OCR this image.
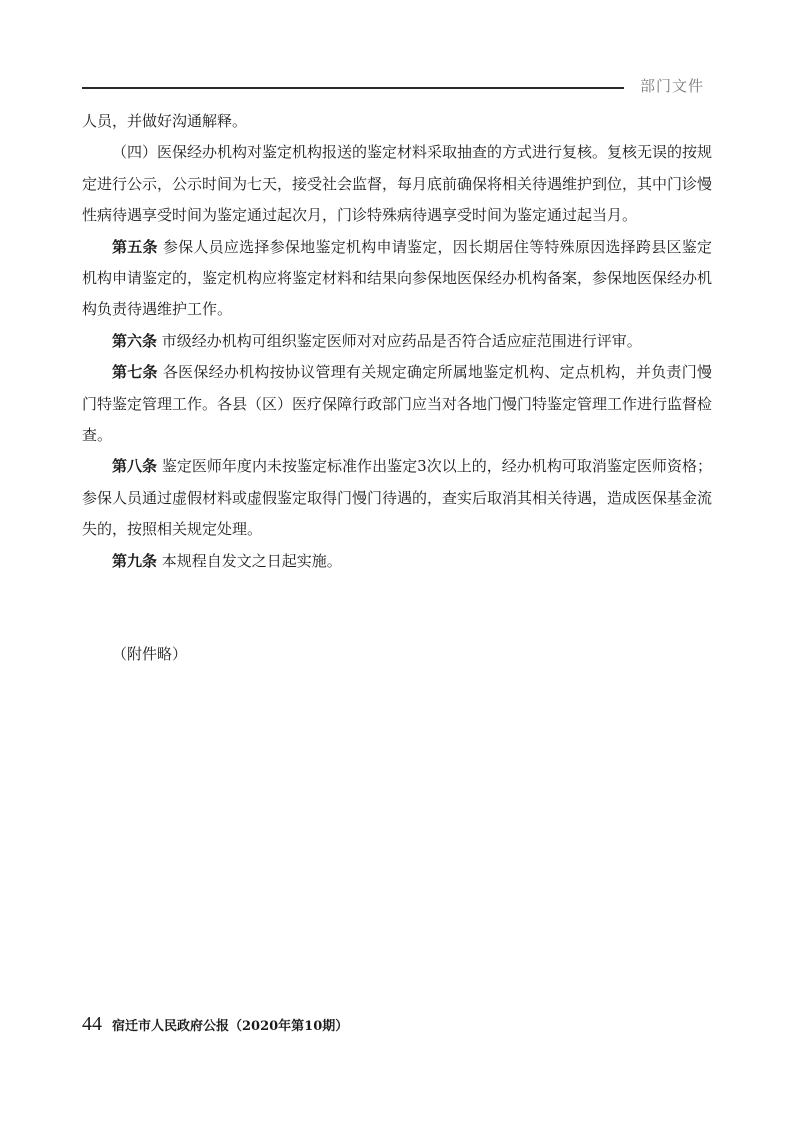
部门文件

人员，并做好沟通解释。

（四）医保经办机构对鉴定机构报送的鉴定材料采取抽查的方式进行复核。复核无误的按规定进行公示，公示时间为七天，接受社会监督，每月底前确保将相关待遇维护到位，其中门诊慢性病待遇享受时间为鉴定通过起次月，门诊特殊病待遇享受时间为鉴定通过起当月。

第五条 参保人员应选择参保地鉴定机构申请鉴定，因长期居住等特殊原因选择跨县区鉴定机构申请鉴定的，鉴定机构应将鉴定材料和结果向参保地医保经办机构备案，参保地医保经办机构负责待遇维护工作。

第六条 市级经办机构可组织鉴定医师对对应药品是否符合适应症范围进行评审。

第七条 各医保经办机构按协议管理有关规定确定所属地鉴定机构、定点机构，并负责门慢门特鉴定管理工作。各县（区）医疗保障行政部门应当对各地门慢门特鉴定管理工作进行监督检查。

第八条 鉴定医师年度内未按鉴定标准作出鉴定3次以上的，经办机构可取消鉴定医师资格；参保人员通过虚假材料或虚假鉴定取得门慢门待遇的，查实后取消其相关待遇，造成医保基金流失的，按照相关规定处理。

第九条 本规程自发文之日起实施。

（附件略）
44 宿迁市人民政府公报（2020年第10期）
